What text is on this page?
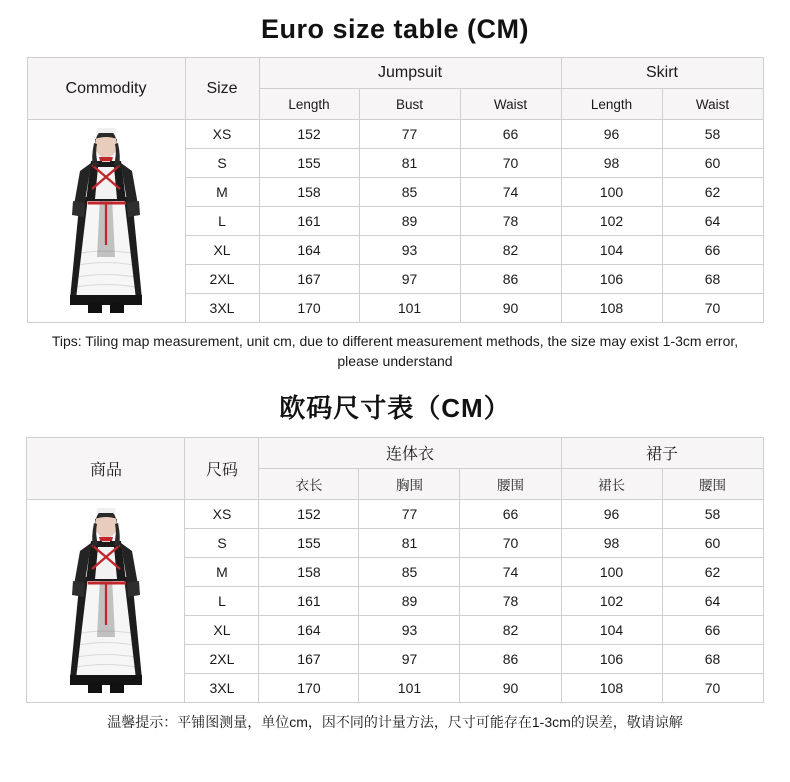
Euro size table (CM)
Commodity	Size	Jumpsuit			Skirt	
		Length	Bust	Waist	Length	Waist

	XS	152	77	66	96	58
	S	155	81	70	98	60
	M	158	85	74	100	62
	L	161	89	78	102	64
	XL	164	93	82	104	66
	2XL	167	97	86	106	68
	3XL	170	101	90	108	70
Tips: Tiling map measurement, unit cm, due to different measurement methods, the size may exist 1-3cm error, please understand
欧码尺寸表（CM）
商品	尺码	连体衣			裙子	
		衣长	胸围	腰围	裙长	腰围

	XS	152	77	66	96	58
	S	155	81	70	98	60
	M	158	85	74	100	62
	L	161	89	78	102	64
	XL	164	93	82	104	66
	2XL	167	97	86	106	68
	3XL	170	101	90	108	70
温馨提示：平铺图测量，单位cm，因不同的计量方法，尺寸可能存在1-3cm的误差，敬请谅解
